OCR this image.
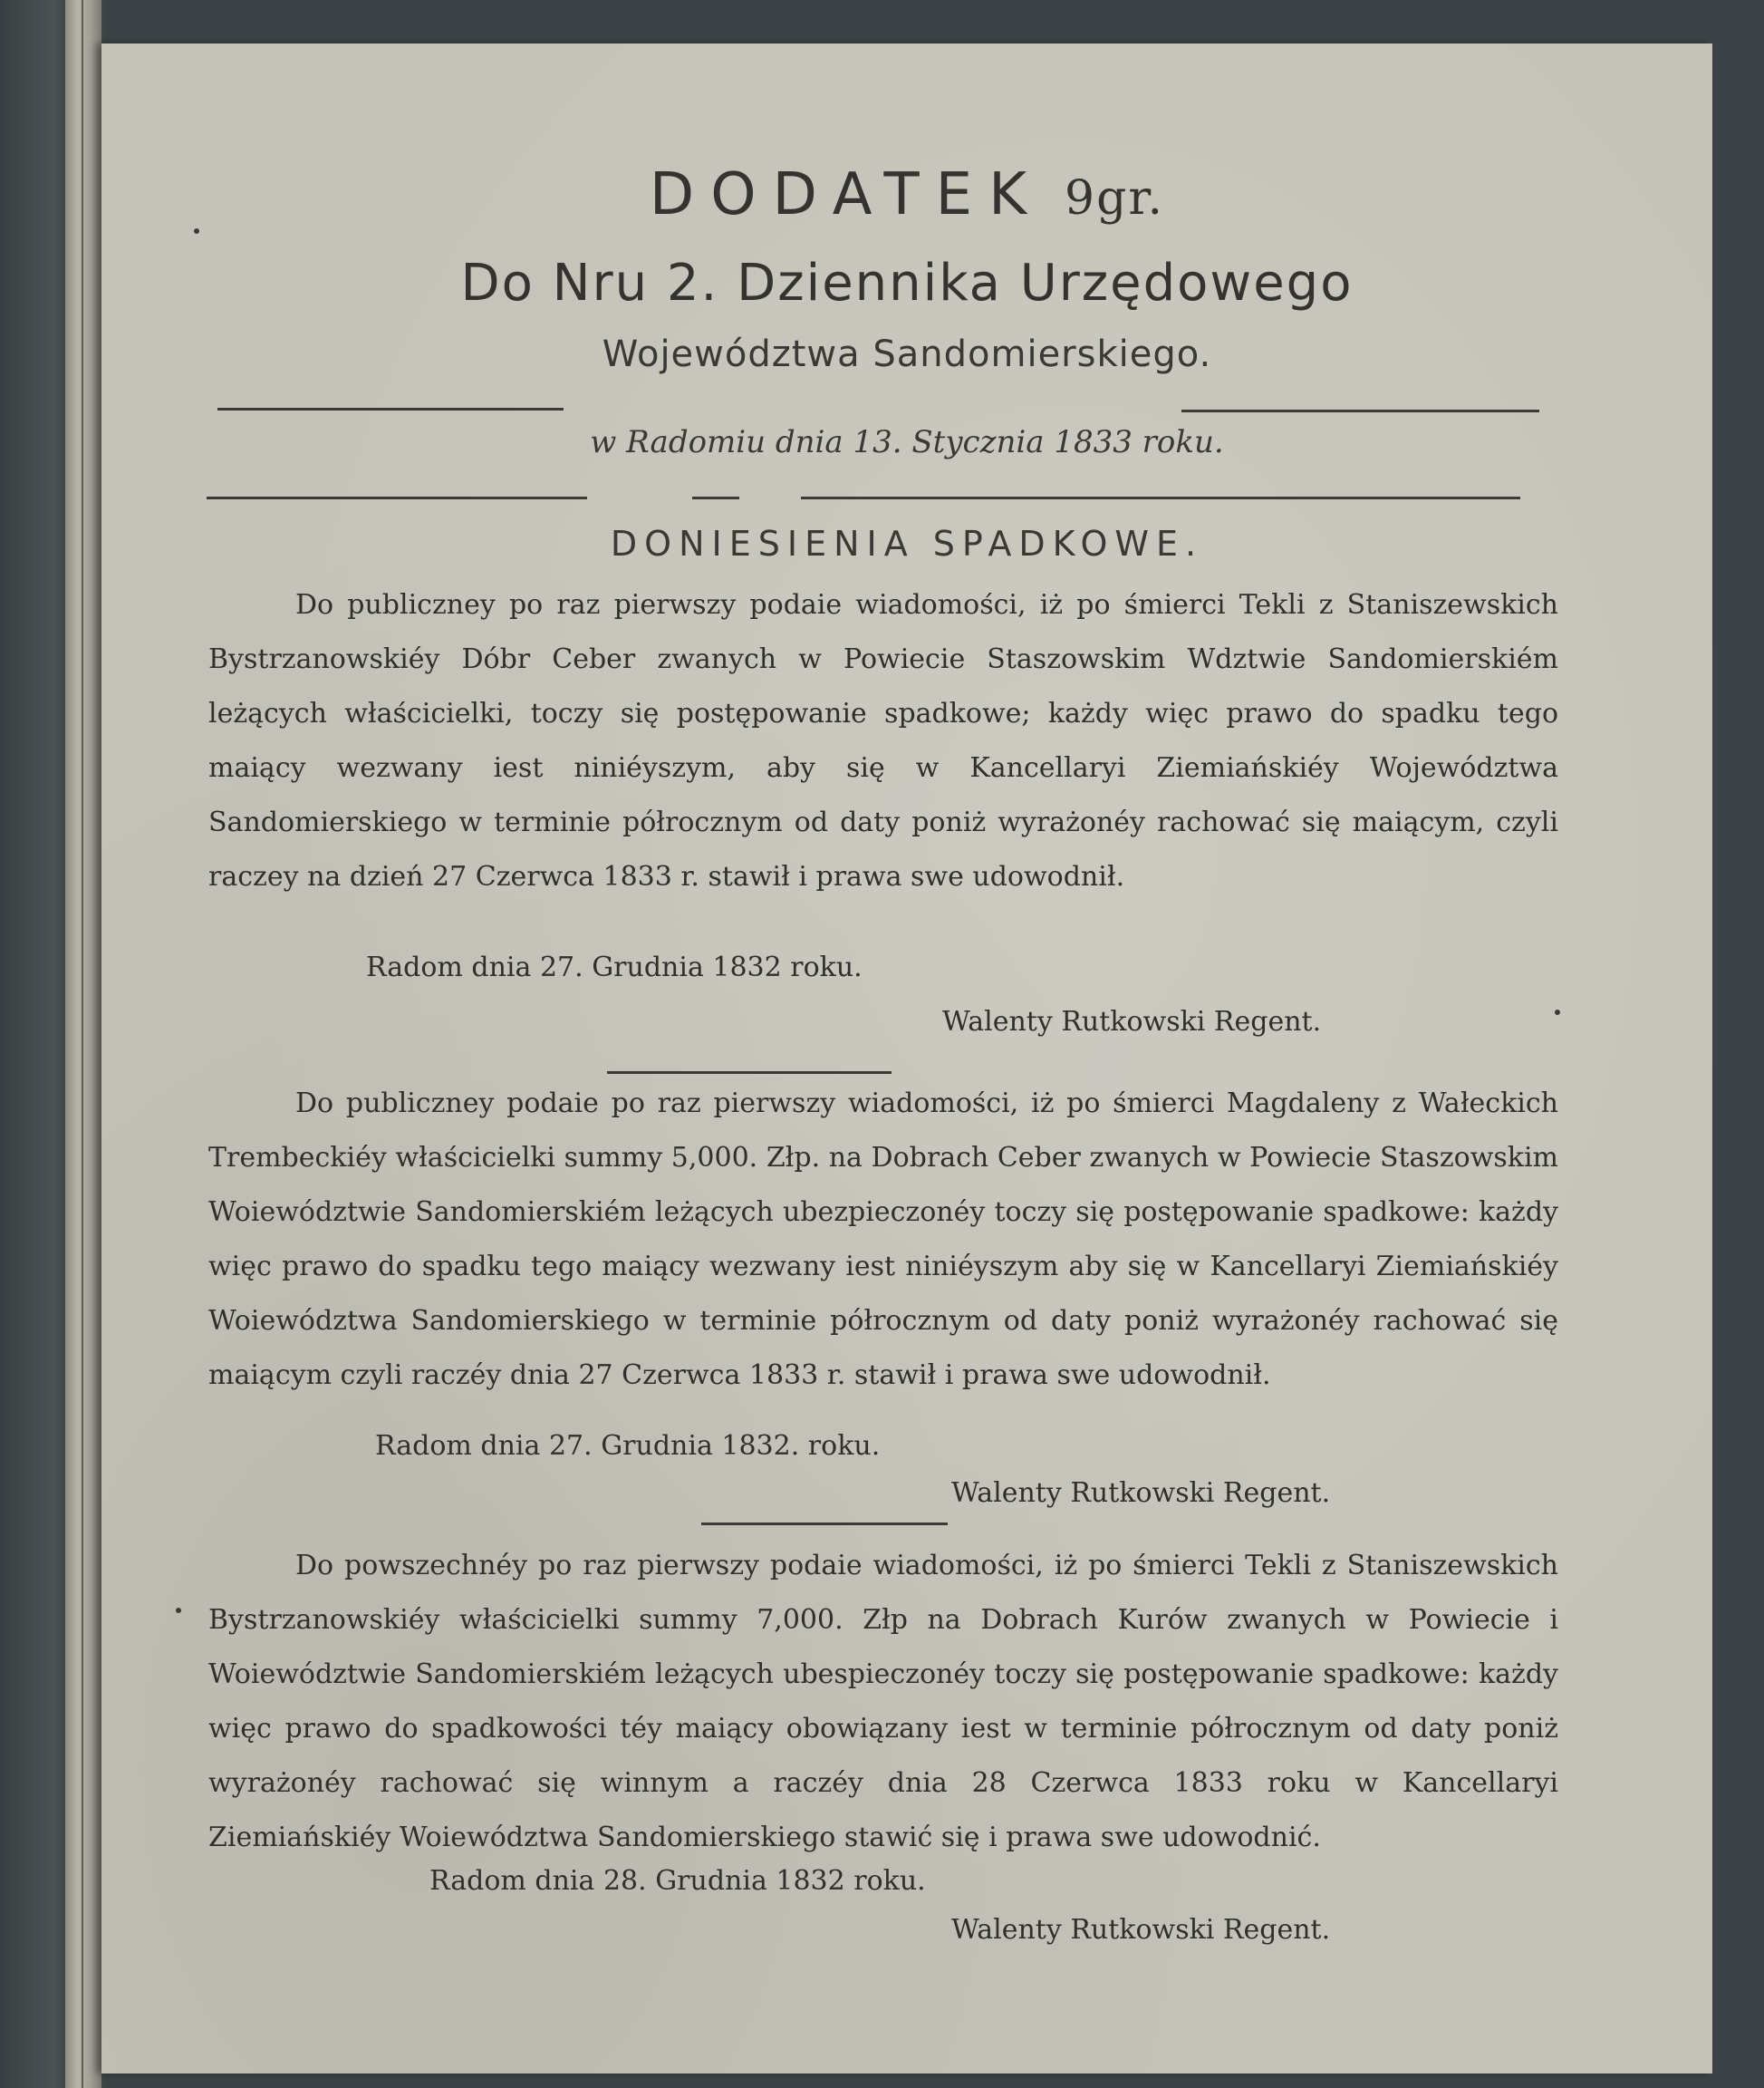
DODATEK 9gr.
Do Nru 2. Dziennika Urzędowego
Województwa Sandomierskiego.
w Radomiu dnia 13. Stycznia 1833 roku.
DONIESIENIA SPADKOWE.

Do publiczney po raz pierwszy podaie wiadomości, iż po śmierci Tekli z Staniszewskich Bystrzanowskiéy Dóbr Ceber zwanych w Powiecie Staszowskim Wdztwie Sandomierskiém leżących właścicielki, toczy się postępowanie spadkowe; każdy więc prawo do spadku tego maiący wezwany iest niniéyszym, aby się w Kancellaryi Ziemiańskiéy Województwa Sandomierskiego w terminie półrocznym od daty poniż wyrażonéy rachować się maiącym, czyli raczey na dzień 27 Czerwca 1833 r. stawił i prawa swe udowodnił.

Radom dnia 27. Grudnia 1832 roku.
Walenty Rutkowski Regent.

Do publiczney podaie po raz pierwszy wiadomości, iż po śmierci Magdaleny z Wałeckich Trembeckiéy właścicielki summy 5,000. Złp. na Dobrach Ceber zwanych w Powiecie Staszowskim Woiewództwie Sandomierskiém leżących ubezpieczonéy toczy się postępowanie spadkowe: każdy więc prawo do spadku tego maiący wezwany iest niniéyszym aby się w Kancellaryi Ziemiańskiéy Woiewództwa Sandomierskiego w terminie półrocznym od daty poniż wyrażonéy rachować się maiącym czyli raczéy dnia 27 Czerwca 1833 r. stawił i prawa swe udowodnił.

Radom dnia 27. Grudnia 1832. roku.
Walenty Rutkowski Regent.

Do powszechnéy po raz pierwszy podaie wiadomości, iż po śmierci Tekli z Staniszewskich Bystrzanowskiéy właścicielki summy 7,000. Złp na Dobrach Kurów zwanych w Powiecie i Woiewództwie Sandomierskiém leżących ubespieczonéy toczy się postępowanie spadkowe: każdy więc prawo do spadkowości téy maiący obowiązany iest w terminie półrocznym od daty poniż wyrażonéy rachować się winnym a raczéy dnia 28 Czerwca 1833 roku w Kancellaryi Ziemiańskiéy Woiewództwa Sandomierskiego stawić się i prawa swe udowodnić.

Radom dnia 28. Grudnia 1832 roku.
Walenty Rutkowski Regent.
